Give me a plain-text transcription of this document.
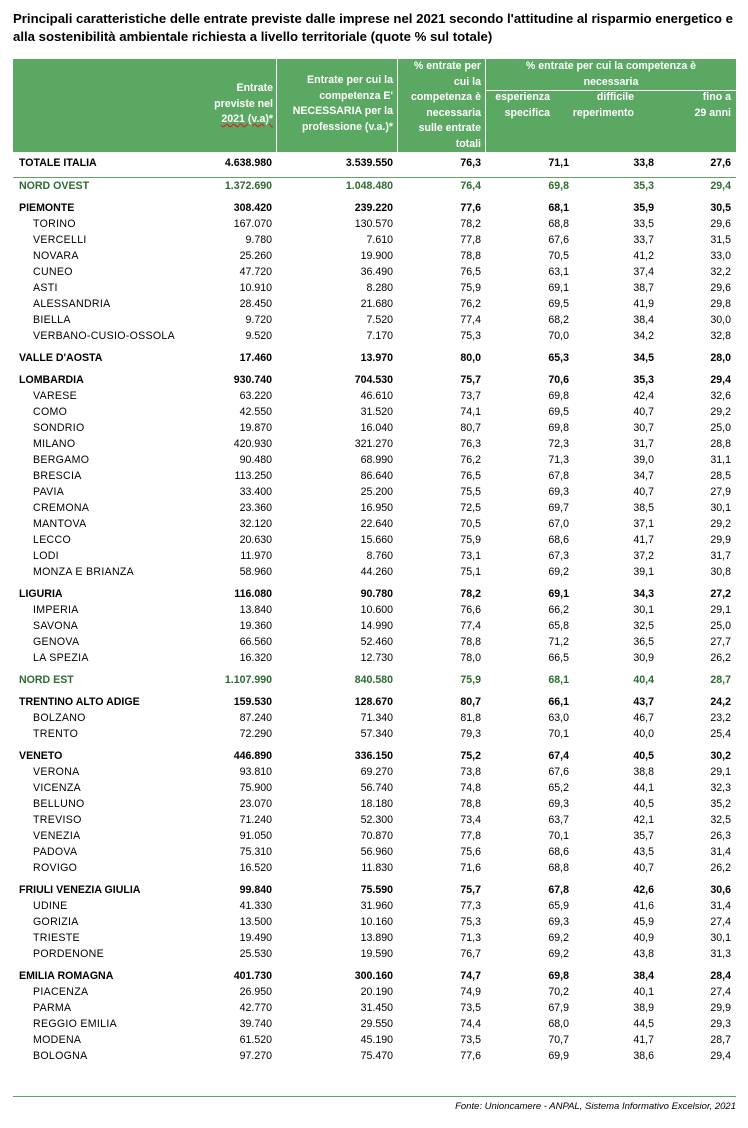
Principali caratteristiche delle entrate previste dalle imprese nel 2021 secondo l'attitudine al risparmio energetico e alla sostenibilità ambientale richiesta a livello territoriale (quote % sul totale)
Entrate
previste nel
2021 (v.a)*
Entrate per cui la
competenza E'
NECESSARIA per la
professione (v.a.)*
% entrate per
cui la
competenza è
necessaria
sulle entrate
totali
% entrate per cui la competenza è
necessaria
esperienza
specifica
difficile
reperimento
fino a
29 anni

TOTALE ITALIA	4.638.980	3.539.550	76,3	71,1	33,8	27,6

NORD OVEST	1.372.690	1.048.480	76,4	69,8	35,3	29,4

PIEMONTE	308.420	239.220	77,6	68,1	35,9	30,5
TORINO	167.070	130.570	78,2	68,8	33,5	29,6
VERCELLI	9.780	7.610	77,8	67,6	33,7	31,5
NOVARA	25.260	19.900	78,8	70,5	41,2	33,0
CUNEO	47.720	36.490	76,5	63,1	37,4	32,2
ASTI	10.910	8.280	75,9	69,1	38,7	29,6
ALESSANDRIA	28.450	21.680	76,2	69,5	41,9	29,8
BIELLA	9.720	7.520	77,4	68,2	38,4	30,0
VERBANO-CUSIO-OSSOLA	9.520	7.170	75,3	70,0	34,2	32,8

VALLE D'AOSTA	17.460	13.970	80,0	65,3	34,5	28,0

LOMBARDIA	930.740	704.530	75,7	70,6	35,3	29,4
VARESE	63.220	46.610	73,7	69,8	42,4	32,6
COMO	42.550	31.520	74,1	69,5	40,7	29,2
SONDRIO	19.870	16.040	80,7	69,8	30,7	25,0
MILANO	420.930	321.270	76,3	72,3	31,7	28,8
BERGAMO	90.480	68.990	76,2	71,3	39,0	31,1
BRESCIA	113.250	86.640	76,5	67,8	34,7	28,5
PAVIA	33.400	25.200	75,5	69,3	40,7	27,9
CREMONA	23.360	16.950	72,5	69,7	38,5	30,1
MANTOVA	32.120	22.640	70,5	67,0	37,1	29,2
LECCO	20.630	15.660	75,9	68,6	41,7	29,9
LODI	11.970	8.760	73,1	67,3	37,2	31,7
MONZA E BRIANZA	58.960	44.260	75,1	69,2	39,1	30,8

LIGURIA	116.080	90.780	78,2	69,1	34,3	27,2
IMPERIA	13.840	10.600	76,6	66,2	30,1	29,1
SAVONA	19.360	14.990	77,4	65,8	32,5	25,0
GENOVA	66.560	52.460	78,8	71,2	36,5	27,7
LA SPEZIA	16.320	12.730	78,0	66,5	30,9	26,2

NORD EST	1.107.990	840.580	75,9	68,1	40,4	28,7

TRENTINO ALTO ADIGE	159.530	128.670	80,7	66,1	43,7	24,2
BOLZANO	87.240	71.340	81,8	63,0	46,7	23,2
TRENTO	72.290	57.340	79,3	70,1	40,0	25,4

VENETO	446.890	336.150	75,2	67,4	40,5	30,2
VERONA	93.810	69.270	73,8	67,6	38,8	29,1
VICENZA	75.900	56.740	74,8	65,2	44,1	32,3
BELLUNO	23.070	18.180	78,8	69,3	40,5	35,2
TREVISO	71.240	52.300	73,4	63,7	42,1	32,5
VENEZIA	91.050	70.870	77,8	70,1	35,7	26,3
PADOVA	75.310	56.960	75,6	68,6	43,5	31,4
ROVIGO	16.520	11.830	71,6	68,8	40,7	26,2

FRIULI VENEZIA GIULIA	99.840	75.590	75,7	67,8	42,6	30,6
UDINE	41.330	31.960	77,3	65,9	41,6	31,4
GORIZIA	13.500	10.160	75,3	69,3	45,9	27,4
TRIESTE	19.490	13.890	71,3	69,2	40,9	30,1
PORDENONE	25.530	19.590	76,7	69,2	43,8	31,3

EMILIA ROMAGNA	401.730	300.160	74,7	69,8	38,4	28,4
PIACENZA	26.950	20.190	74,9	70,2	40,1	27,4
PARMA	42.770	31.450	73,5	67,9	38,9	29,9
REGGIO EMILIA	39.740	29.550	74,4	68,0	44,5	29,3
MODENA	61.520	45.190	73,5	70,7	41,7	28,7
BOLOGNA	97.270	75.470	77,6	69,9	38,6	29,4
Fonte: Unioncamere - ANPAL, Sistema Informativo Excelsior, 2021
